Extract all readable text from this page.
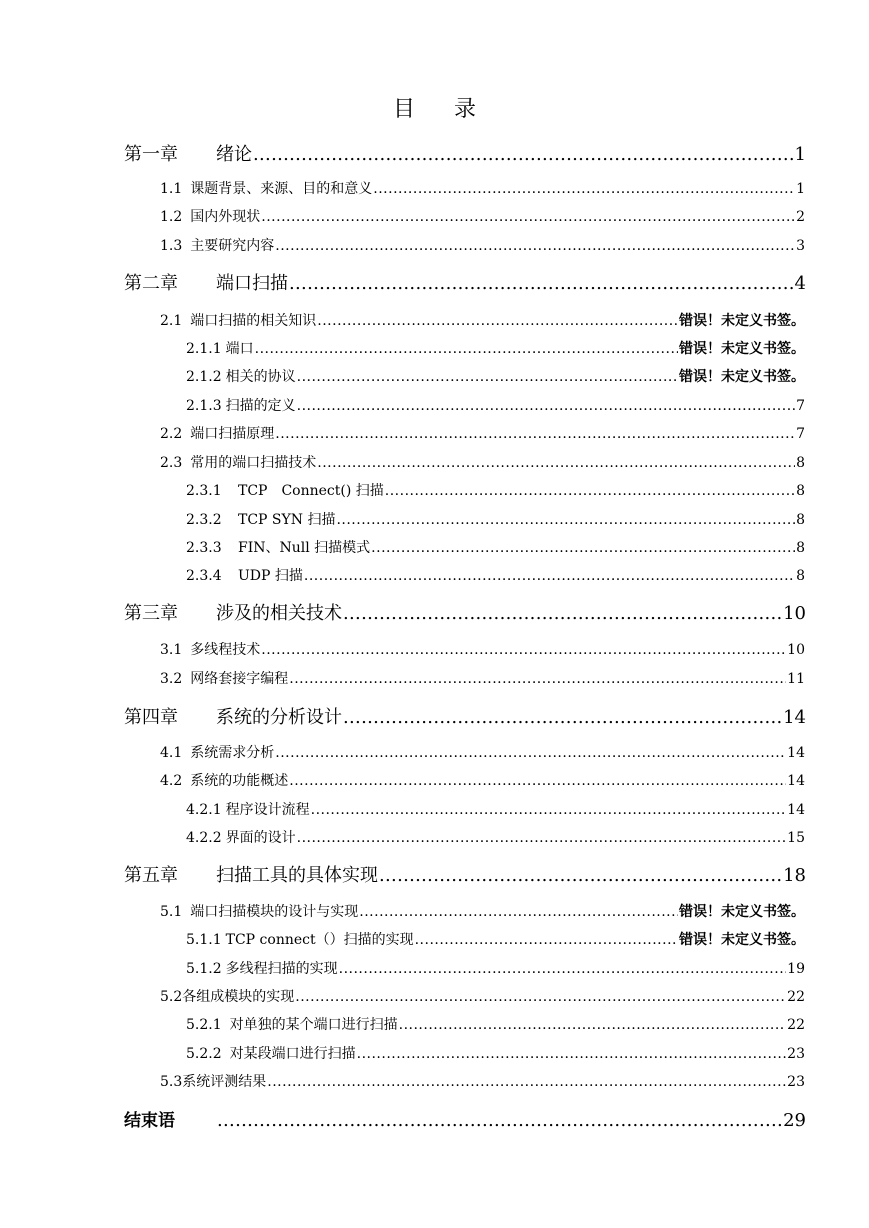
目 录
第一章	绪论 .....	1
1.1 课题背景、来源、目的和意义 .....	1
1.2 国内外现状 .....	2
1.3 主要研究内容 .....	3
第二章	端口扫描 .....	4
2.1 端口扫描的相关知识 .....	错误！未定义书签。
2.1.1 端口 .....	错误！未定义书签。
2.1.2 相关的协议 .....	错误！未定义书签。
2.1.3 扫描的定义 .....	7
2.2 端口扫描原理 .....	7
2.3 常用的端口扫描技术 .....	8
2.3.1	TCP　Connect() 扫描 .....	8
2.3.2	TCP SYN 扫描 .....	8
2.3.3	FIN、Null 扫描模式 .....	8
2.3.4	UDP 扫描 .....	8
第三章	涉及的相关技术 .....	10
3.1 多线程技术 .....	10
3.2 网络套接字编程 .....	11
第四章	系统的分析设计 .....	14
4.1 系统需求分析 .....	14
4.2 系统的功能概述 .....	14
4.2.1 程序设计流程 .....	14
4.2.2 界面的设计 .....	15
第五章	扫描工具的具体实现 .....	18
5.1 端口扫描模块的设计与实现 .....	错误！未定义书签。
5.1.1 TCP connect（）扫描的实现 .....	错误！未定义书签。
5.1.2 多线程扫描的实现 .....	19
5.2 各组成模块的实现 .....	22
5.2.1 对单独的某个端口进行扫描 .....	22
5.2.2 对某段端口进行扫描 .....	23
5.3 系统评测结果 .....	23
结束语 .....	29
